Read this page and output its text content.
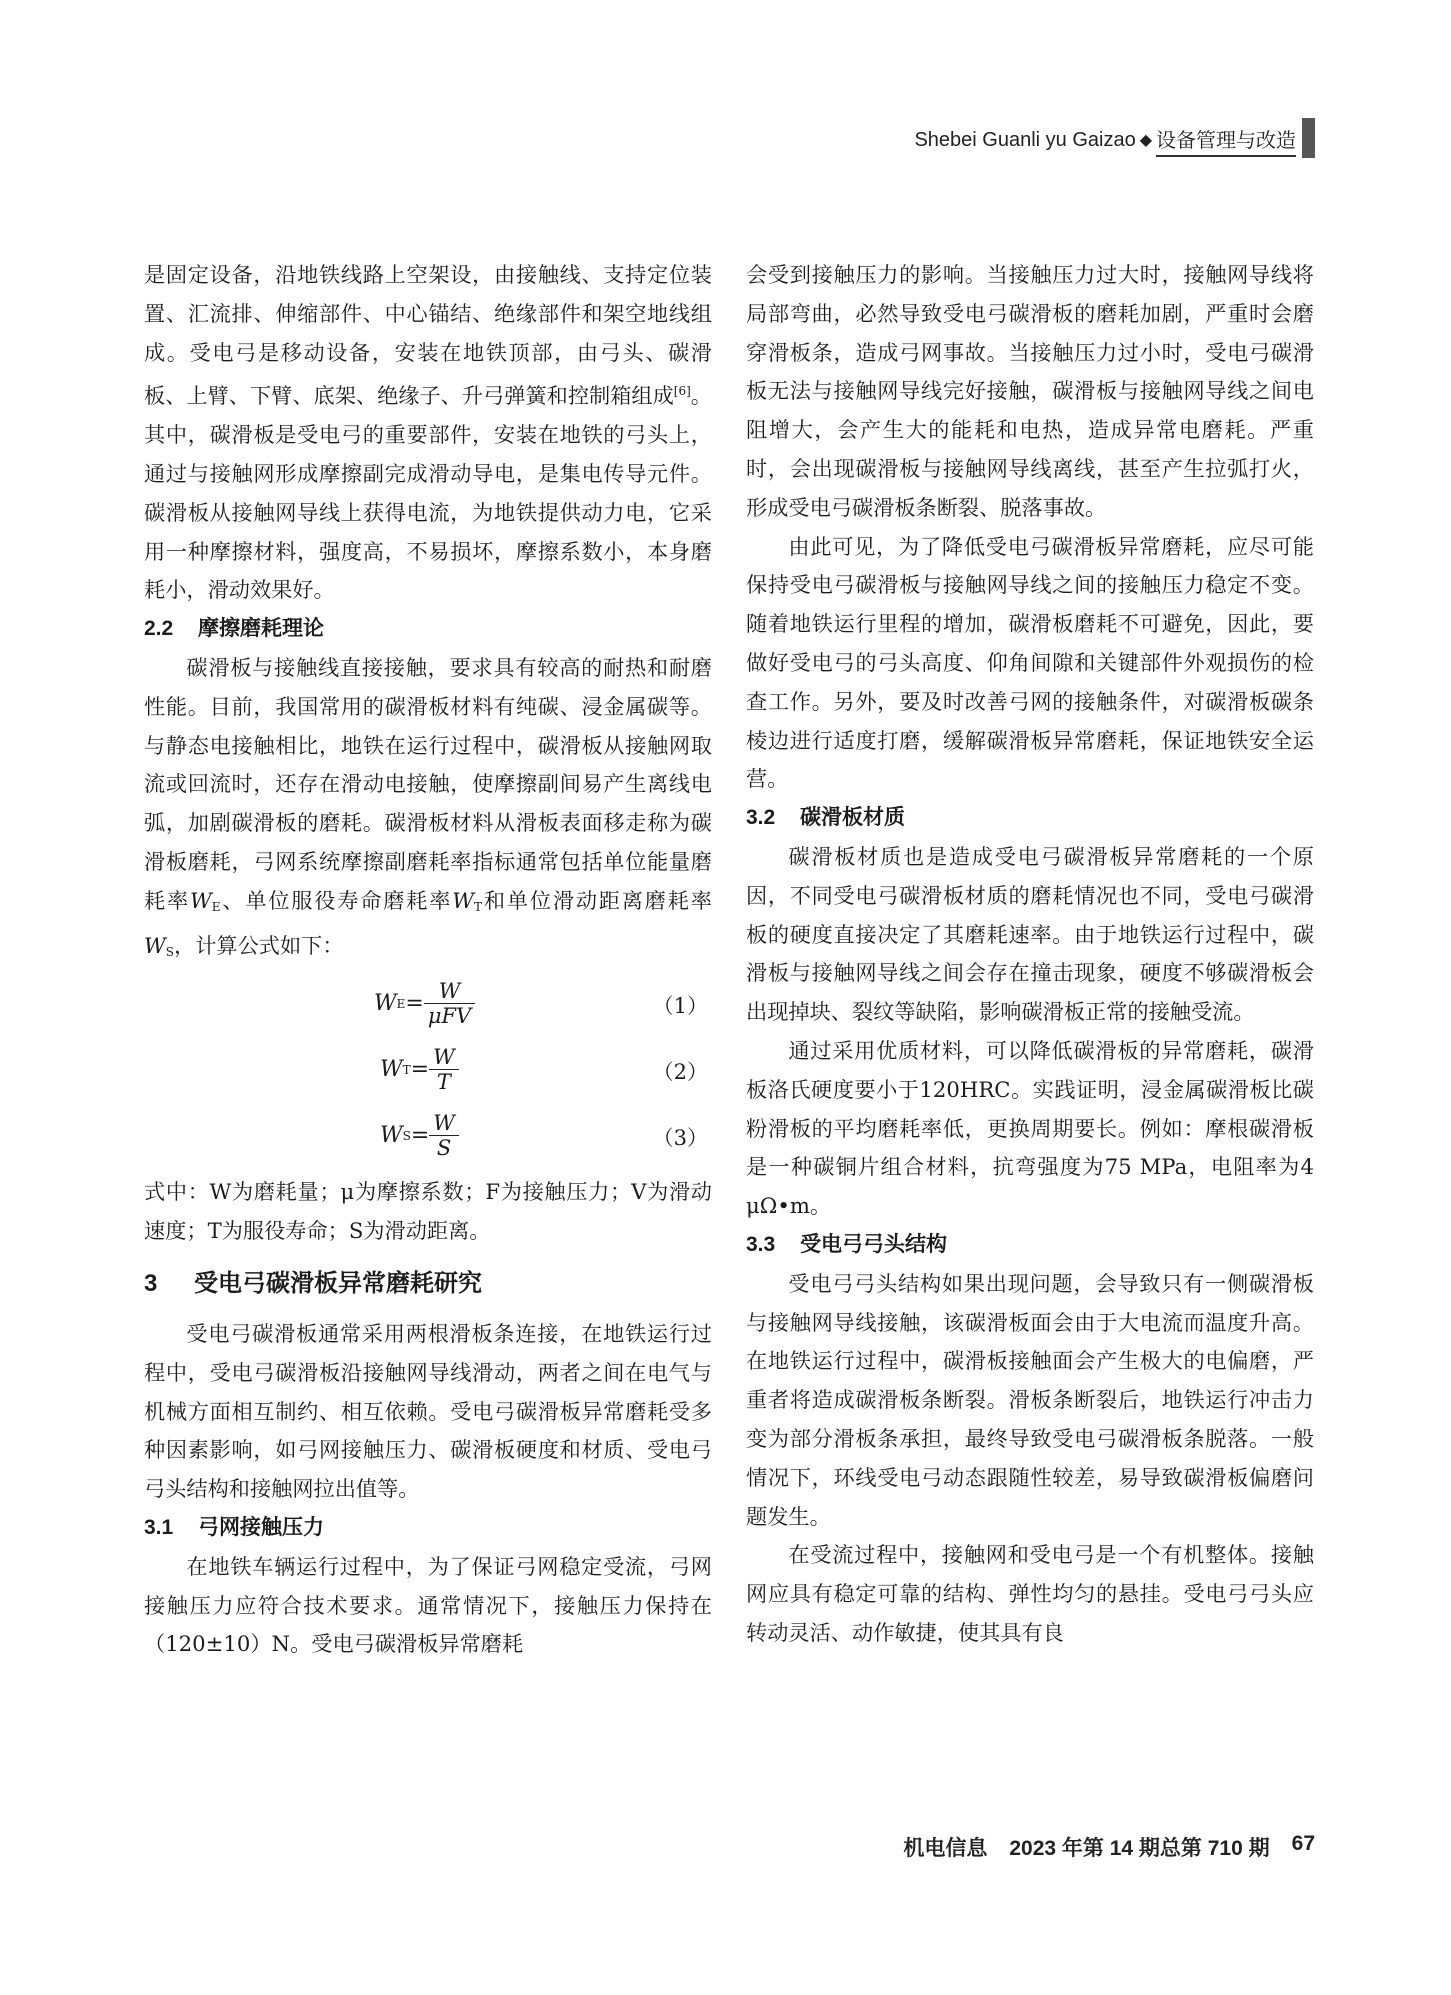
Shebei Guanli yu Gaizao ◆ 设备管理与改造

是固定设备，沿地铁线路上空架设，由接触线、支持定位装置、汇流排、伸缩部件、中心锚结、绝缘部件和架空地线组成。受电弓是移动设备，安装在地铁顶部，由弓头、碳滑板、上臂、下臂、底架、绝缘子、升弓弹簧和控制箱组成[6]。其中，碳滑板是受电弓的重要部件，安装在地铁的弓头上，通过与接触网形成摩擦副完成滑动导电，是集电传导元件。碳滑板从接触网导线上获得电流，为地铁提供动力电，它采用一种摩擦材料，强度高，不易损坏，摩擦系数小，本身磨耗小，滑动效果好。

2.2 摩擦磨耗理论

碳滑板与接触线直接接触，要求具有较高的耐热和耐磨性能。目前，我国常用的碳滑板材料有纯碳、浸金属碳等。与静态电接触相比，地铁在运行过程中，碳滑板从接触网取流或回流时，还存在滑动电接触，使摩擦副间易产生离线电弧，加剧碳滑板的磨耗。碳滑板材料从滑板表面移走称为碳滑板磨耗，弓网系统摩擦副磨耗率指标通常包括单位能量磨耗率$W_E$、单位服役寿命磨耗率$W_T$和单位滑动距离磨耗率$W_S$，计算公式如下：

W $E = \frac{W}{\text{μFV}}$	（1）
W $T = \frac{W}{T}$	（2）
W $S = \frac{W}{S}$	（3）

式中：W为磨耗量；μ为摩擦系数；F为接触压力；V为滑动速度；T为服役寿命；S为滑动距离。

3 受电弓碳滑板异常磨耗研究

受电弓碳滑板通常采用两根滑板条连接，在地铁运行过程中，受电弓碳滑板沿接触网导线滑动，两者之间在电气与机械方面相互制约、相互依赖。受电弓碳滑板异常磨耗受多种因素影响，如弓网接触压力、碳滑板硬度和材质、受电弓弓头结构和接触网拉出值等。

3.1 弓网接触压力

在地铁车辆运行过程中，为了保证弓网稳定受流，弓网接触压力应符合技术要求。通常情况下，接触压力保持在（120±10）N。受电弓碳滑板异常磨耗

会受到接触压力的影响。当接触压力过大时，接触网导线将局部弯曲，必然导致受电弓碳滑板的磨耗加剧，严重时会磨穿滑板条，造成弓网事故。当接触压力过小时，受电弓碳滑板无法与接触网导线完好接触，碳滑板与接触网导线之间电阻增大，会产生大的能耗和电热，造成异常电磨耗。严重时，会出现碳滑板与接触网导线离线，甚至产生拉弧打火，形成受电弓碳滑板条断裂、脱落事故。

由此可见，为了降低受电弓碳滑板异常磨耗，应尽可能保持受电弓碳滑板与接触网导线之间的接触压力稳定不变。随着地铁运行里程的增加，碳滑板磨耗不可避免，因此，要做好受电弓的弓头高度、仰角间隙和关键部件外观损伤的检查工作。另外，要及时改善弓网的接触条件，对碳滑板碳条棱边进行适度打磨，缓解碳滑板异常磨耗，保证地铁安全运营。

3.2 碳滑板材质

碳滑板材质也是造成受电弓碳滑板异常磨耗的一个原因，不同受电弓碳滑板材质的磨耗情况也不同，受电弓碳滑板的硬度直接决定了其磨耗速率。由于地铁运行过程中，碳滑板与接触网导线之间会存在撞击现象，硬度不够碳滑板会出现掉块、裂纹等缺陷，影响碳滑板正常的接触受流。

通过采用优质材料，可以降低碳滑板的异常磨耗，碳滑板洛氏硬度要小于120HRC。实践证明，浸金属碳滑板比碳粉滑板的平均磨耗率低，更换周期要长。例如：摩根碳滑板是一种碳铜片组合材料，抗弯强度为75 MPa，电阻率为4 μΩ•m。

3.3 受电弓弓头结构

受电弓弓头结构如果出现问题，会导致只有一侧碳滑板与接触网导线接触，该碳滑板面会由于大电流而温度升高。在地铁运行过程中，碳滑板接触面会产生极大的电偏磨，严重者将造成碳滑板条断裂。滑板条断裂后，地铁运行冲击力变为部分滑板条承担，最终导致受电弓碳滑板条脱落。一般情况下，环线受电弓动态跟随性较差，易导致碳滑板偏磨问题发生。

在受流过程中，接触网和受电弓是一个有机整体。接触网应具有稳定可靠的结构、弹性均匀的悬挂。受电弓弓头应转动灵活、动作敏捷，使其具有良

机电信息 2023 年第 14 期总第 710 期 67
